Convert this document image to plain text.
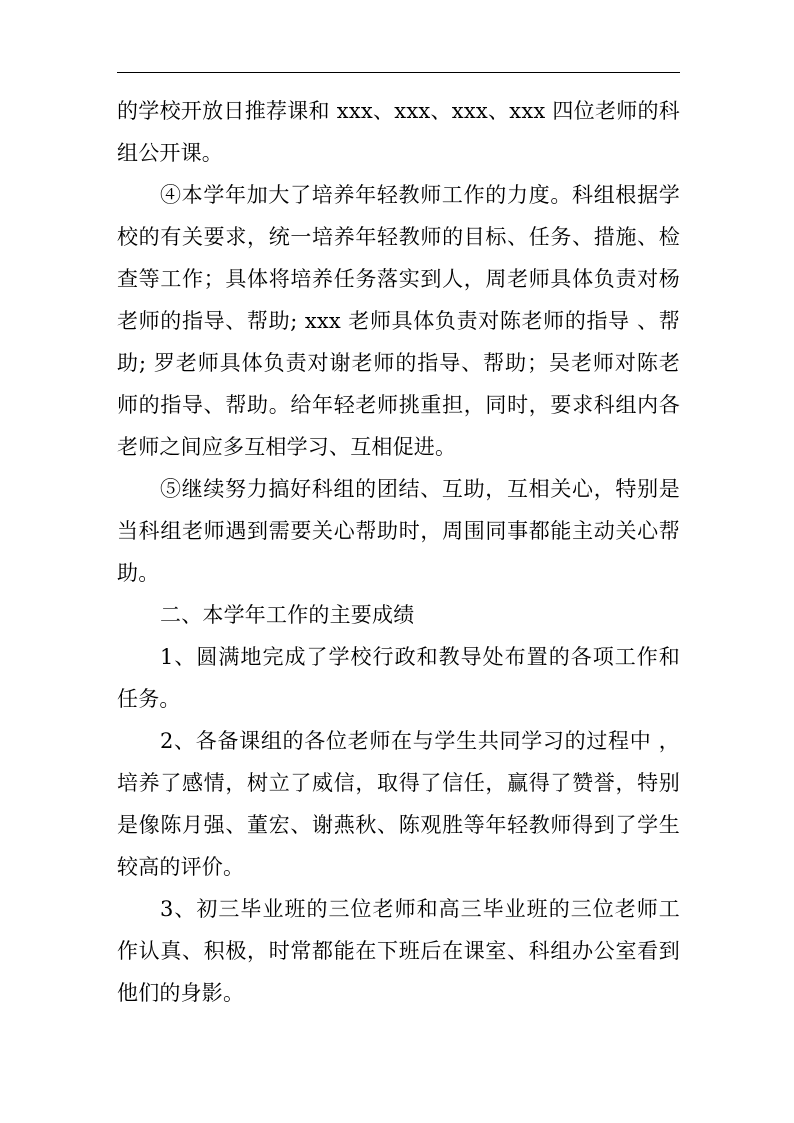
的学校开放日推荐课和 xxx、xxx、xxx、xxx 四位老师的科组公开课。

④本学年加大了培养年轻教师工作的力度。科组根据学校的有关要求，统一培养年轻教师的目标、任务、措施、检查等工作；具体将培养任务落实到人，周老师具体负责对杨老师的指导、帮助; xxx 老师具体负责对陈老师的指导 、帮助; 罗老师具体负责对谢老师的指导、帮助；吴老师对陈老师的指导、帮助。给年轻老师挑重担，同时，要求科组内各老师之间应多互相学习、互相促进。

⑤继续努力搞好科组的团结、互助，互相关心，特别是当科组老师遇到需要关心帮助时，周围同事都能主动关心帮助。

二、本学年工作的主要成绩

1、圆满地完成了学校行政和教导处布置的各项工作和任务。

2、各备课组的各位老师在与学生共同学习的过程中 ，培养了感情，树立了威信，取得了信任，赢得了赞誉，特别是像陈月强、董宏、谢燕秋、陈观胜等年轻教师得到了学生较高的评价。

3、初三毕业班的三位老师和高三毕业班的三位老师工作认真、积极，时常都能在下班后在课室、科组办公室看到他们的身影。
